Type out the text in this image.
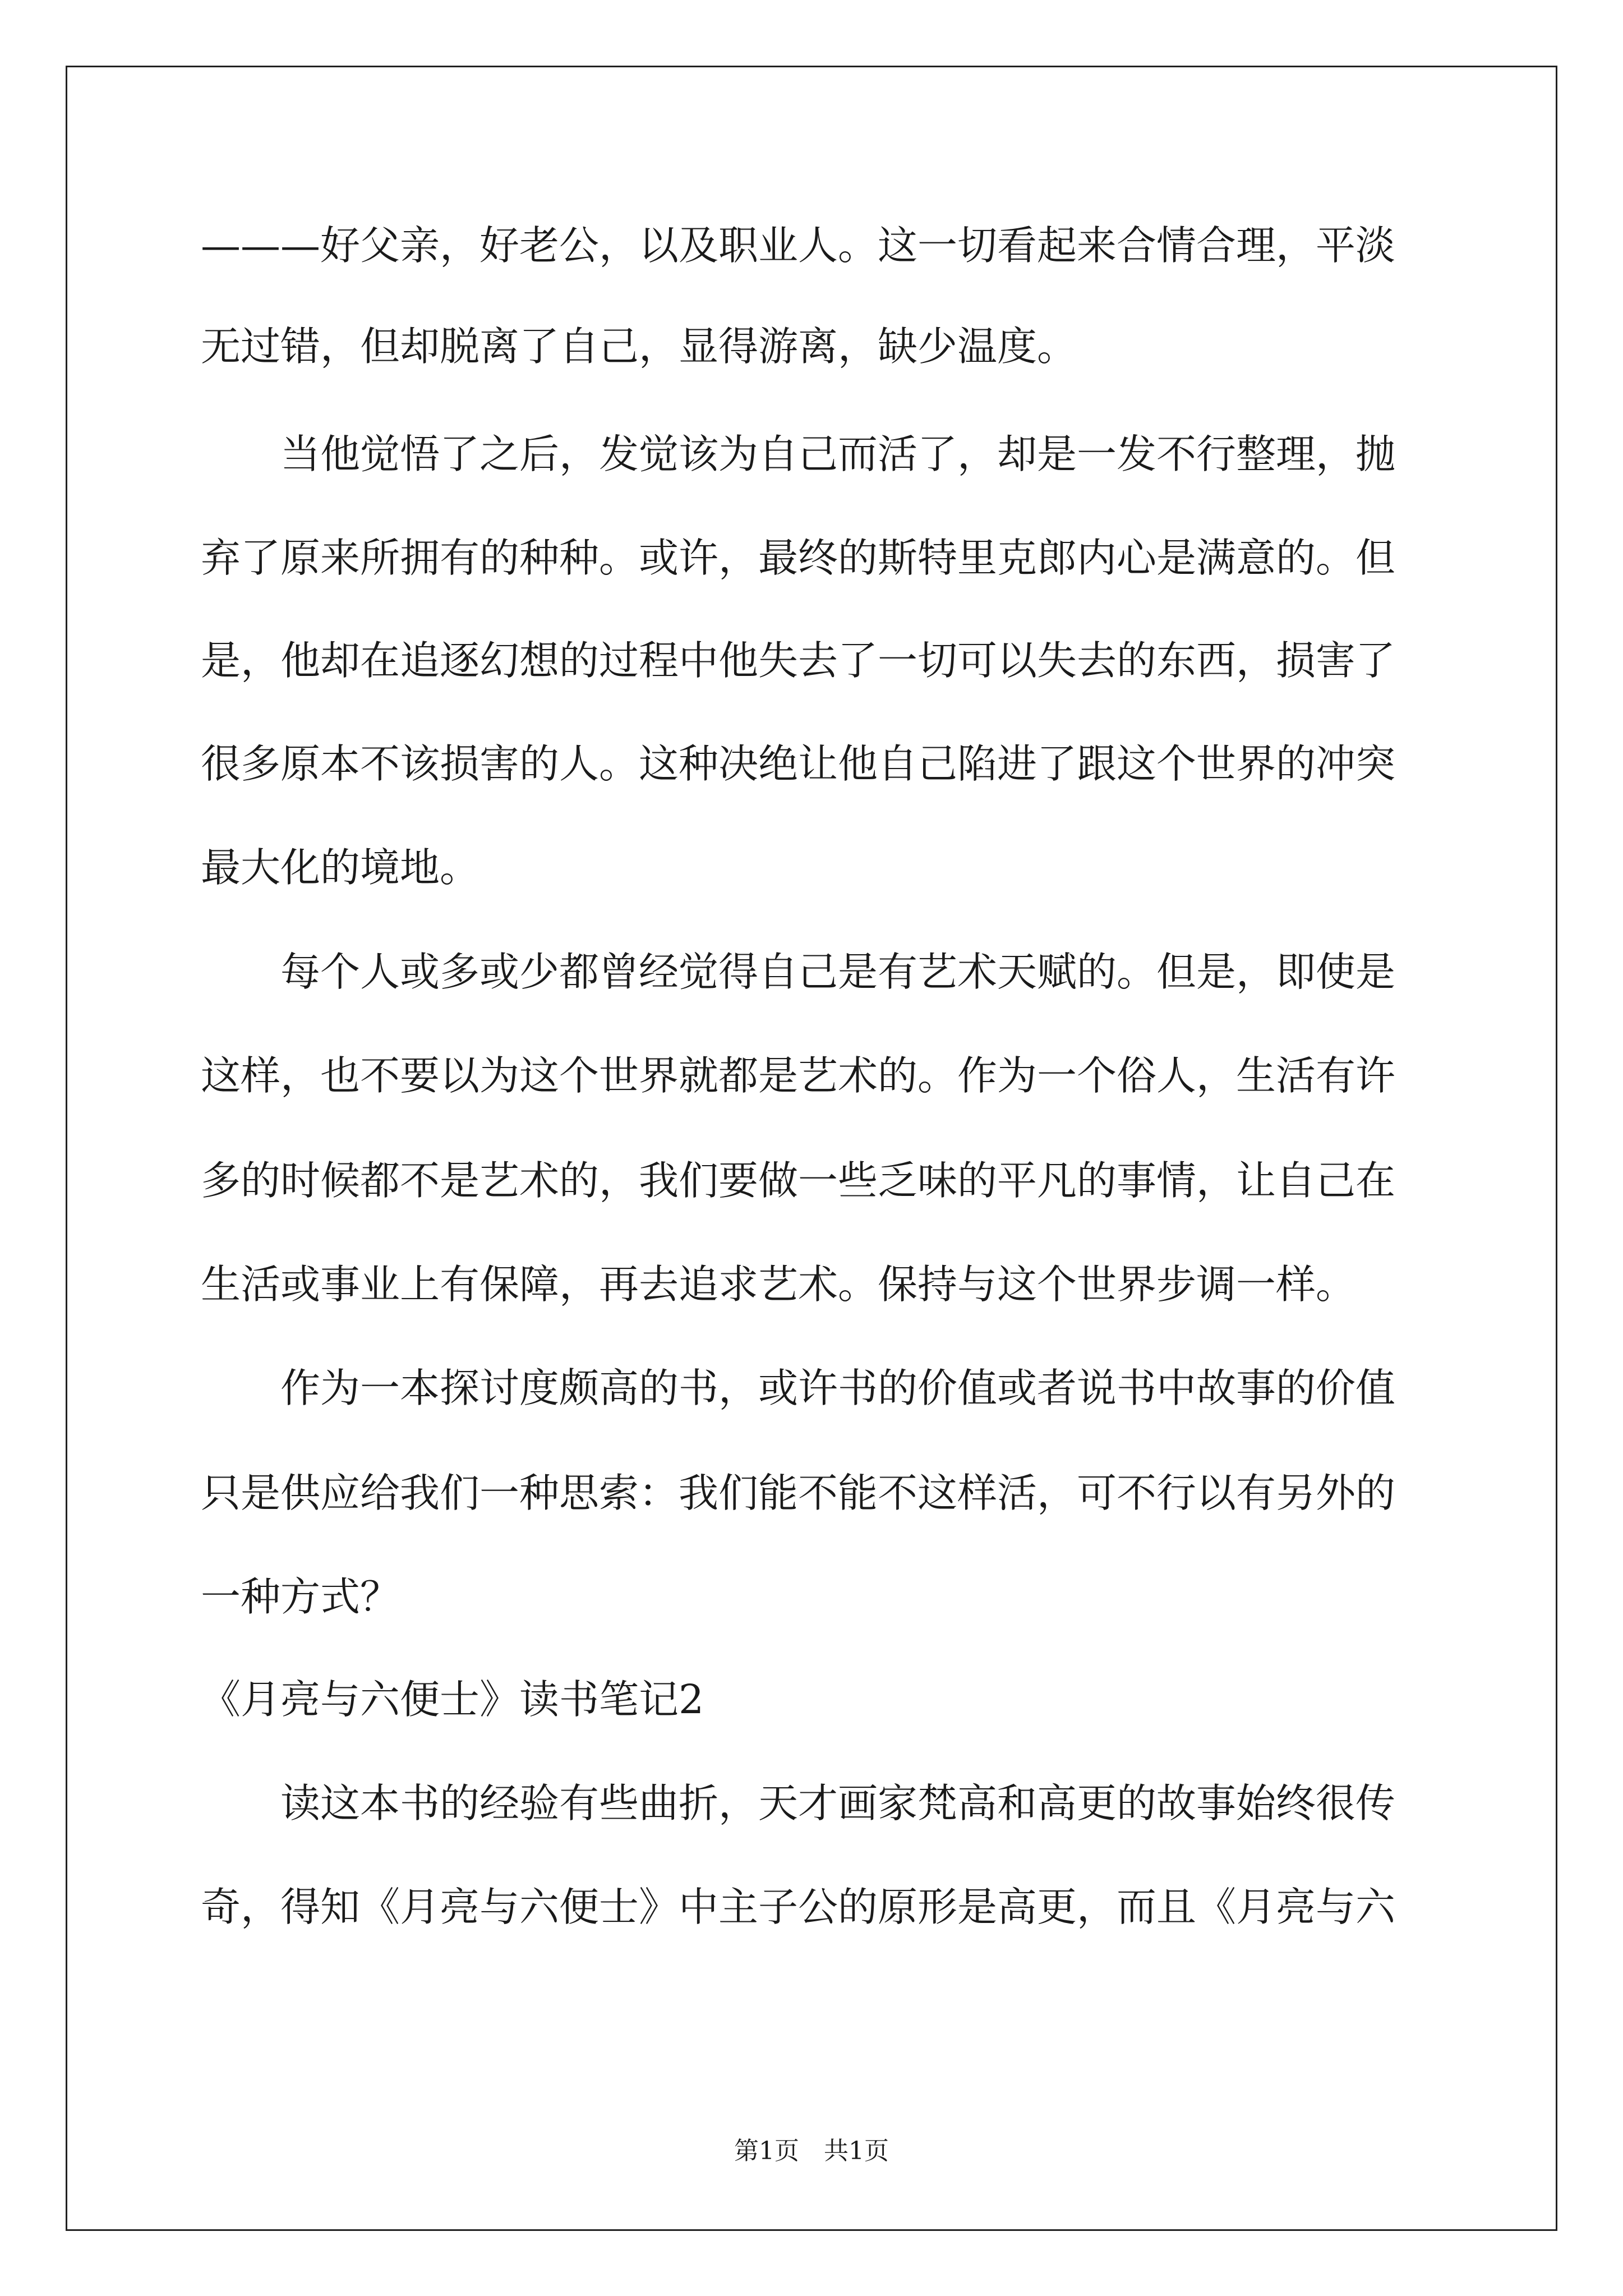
———好父亲，好老公，以及职业人。这一切看起来合情合理，平淡
无过错，但却脱离了自己，显得游离，缺少温度。
　　当他觉悟了之后，发觉该为自己而活了，却是一发不行整理，抛
弃了原来所拥有的种种。或许，最终的斯特里克郎内心是满意的。但
是，他却在追逐幻想的过程中他失去了一切可以失去的东西，损害了
很多原本不该损害的人。这种决绝让他自己陷进了跟这个世界的冲突
最大化的境地。
　　每个人或多或少都曾经觉得自己是有艺术天赋的。但是，即使是
这样，也不要以为这个世界就都是艺术的。作为一个俗人，生活有许
多的时候都不是艺术的，我们要做一些乏味的平凡的事情，让自己在
生活或事业上有保障，再去追求艺术。保持与这个世界步调一样。
　　作为一本探讨度颇高的书，或许书的价值或者说书中故事的价值
只是供应给我们一种思索：我们能不能不这样活，可不行以有另外的
一种方式？
《月亮与六便士》读书笔记2
　　读这本书的经验有些曲折，天才画家梵高和高更的故事始终很传
奇，得知《月亮与六便士》中主子公的原形是高更，而且《月亮与六
第1页　共1页
